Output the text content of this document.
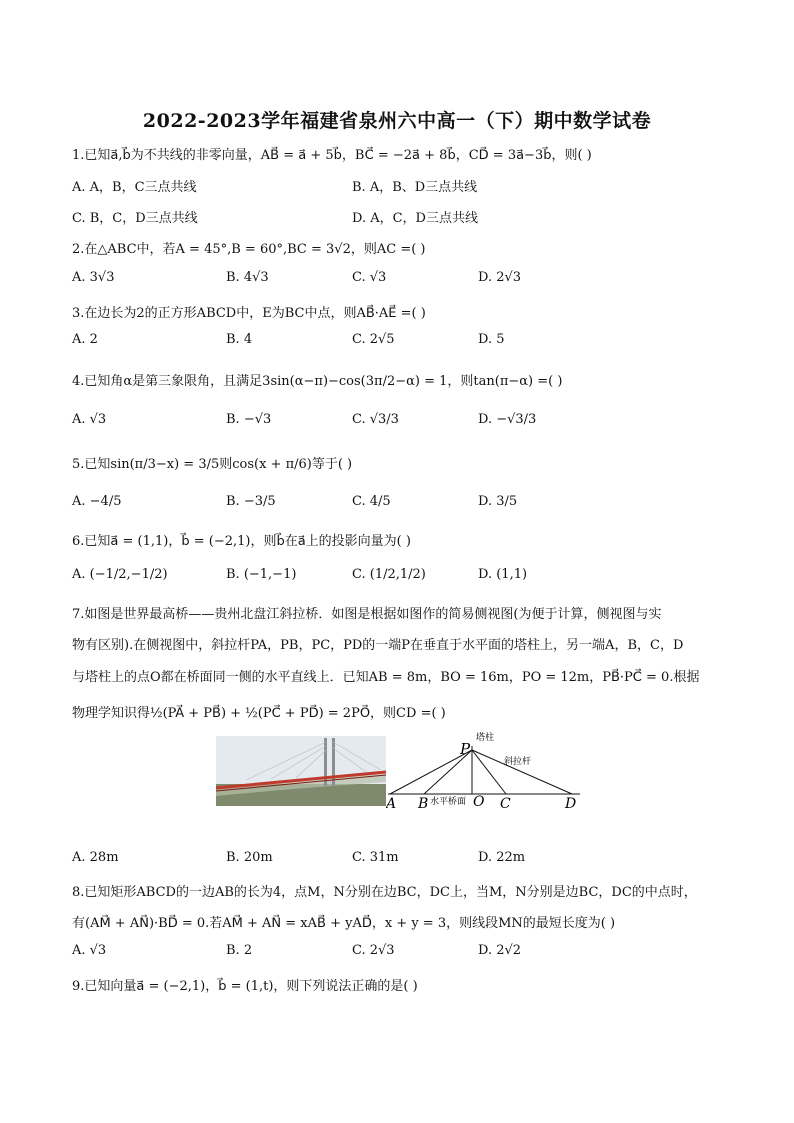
2022-2023学年福建省泉州六中高一（下）期中数学试卷
1.已知a⃗,b⃗为不共线的非零向量，AB⃗ = a⃗ + 5b⃗，BC⃗ = −2a⃗ + 8b⃗，CD⃗ = 3a⃗−3b⃗，则( )
A. A，B，C三点共线	B. A，B、D三点共线
C. B，C，D三点共线	D. A，C，D三点共线
2.在△ABC中，若A = 45°,B = 60°,BC = 3√2，则AC =( )
A. 3√3	B. 4√3	C. √3	D. 2√3
3.在边长为2的正方形ABCD中，E为BC中点，则AB⃗·AE⃗ =( )
A. 2	B. 4	C. 2√5	D. 5
4.已知角α是第三象限角，且满足3sin(α−π)−cos(3π/2−α) = 1，则tan(π−α) =( )
A. √3	B. −√3	C. √3/3	D. −√3/3
5.已知sin(π/3−x) = 3/5则cos(x + π/6)等于( )
A. −4/5	B. −3/5	C. 4/5	D. 3/5
6.已知a⃗ = (1,1)，b⃗ = (−2,1)，则b⃗在a⃗上的投影向量为( )
A. (−1/2,−1/2)	B. (−1,−1)	C. (1/2,1/2)	D. (1,1)
7.如图是世界最高桥——贵州北盘江斜拉桥．如图是根据如图作的简易侧视图(为便于计算，侧视图与实
物有区别).在侧视图中，斜拉杆PA，PB，PC，PD的一端P在垂直于水平面的塔柱上，另一端A，B，C，D
与塔柱上的点O都在桥面同一侧的水平直线上．已知AB = 8m，BO = 16m，PO = 12m，PB⃗·PC⃗ = 0.根据
物理学知识得½(PA⃗ + PB⃗) + ½(PC⃗ + PD⃗) = 2PO⃗，则CD =( )
P
塔柱
斜拉杆
A B 水平桥面 O C	D
A. 28m	B. 20m	C. 31m	D. 22m
8.已知矩形ABCD的一边AB的长为4，点M，N分别在边BC，DC上，当M，N分别是边BC，DC的中点时，
有(AM⃗ + AN⃗)·BD⃗ = 0.若AM⃗ + AN⃗ = xAB⃗ + yAD⃗，x + y = 3，则线段MN的最短长度为( )
A. √3	B. 2	C. 2√3	D. 2√2
9.已知向量a⃗ = (−2,1)，b⃗ = (1,t)，则下列说法正确的是( )
